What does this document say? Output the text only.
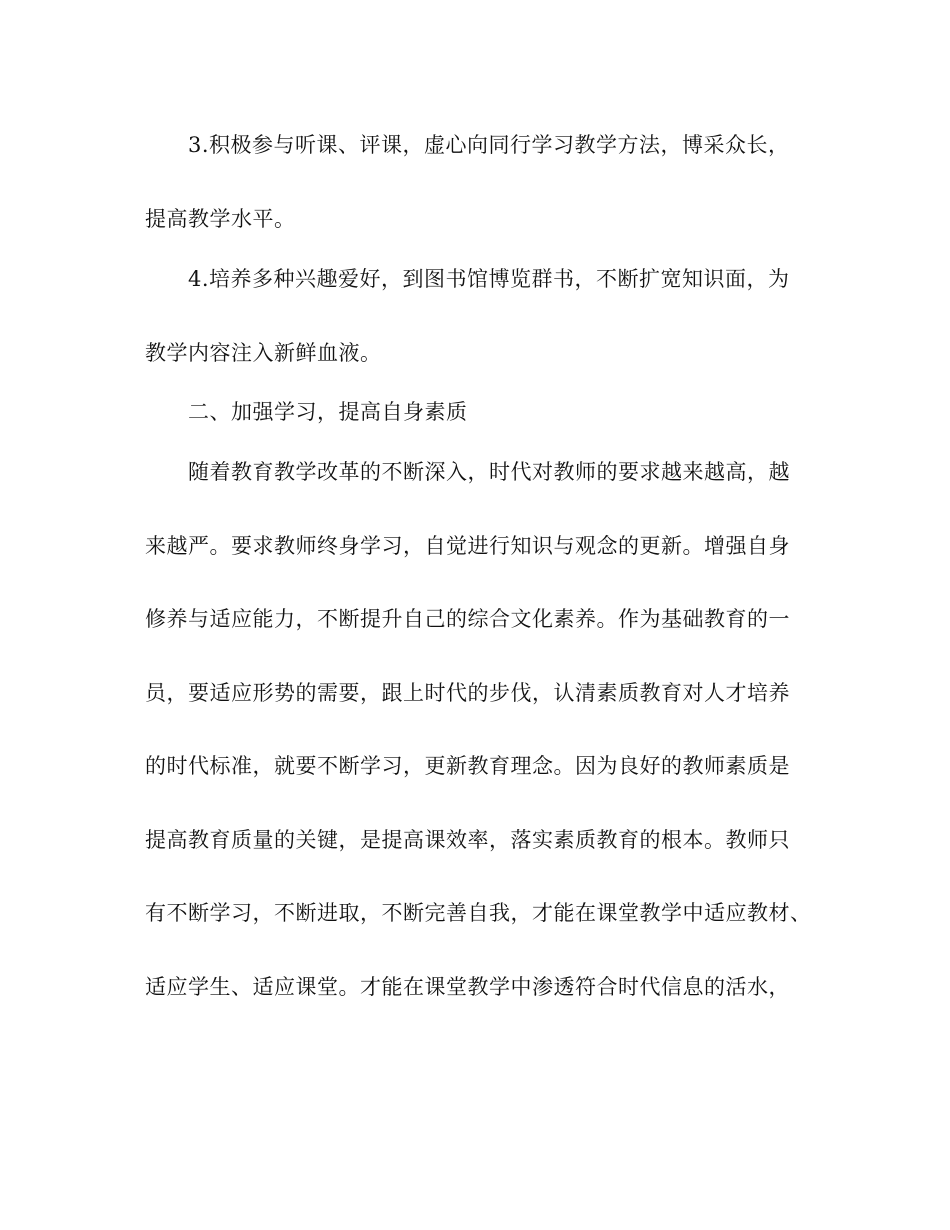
3.积极参与听课、评课，虚心向同行学习教学方法，博采众长，
提高教学水平。
4.培养多种兴趣爱好，到图书馆博览群书，不断扩宽知识面，为
教学内容注入新鲜血液。
二、加强学习，提高自身素质
随着教育教学改革的不断深入，时代对教师的要求越来越高，越
来越严。要求教师终身学习，自觉进行知识与观念的更新。增强自身
修养与适应能力，不断提升自己的综合文化素养。作为基础教育的一
员，要适应形势的需要，跟上时代的步伐，认清素质教育对人才培养
的时代标准，就要不断学习，更新教育理念。因为良好的教师素质是
提高教育质量的关键，是提高课效率，落实素质教育的根本。教师只
有不断学习，不断进取，不断完善自我，才能在课堂教学中适应教材、
适应学生、适应课堂。才能在课堂教学中渗透符合时代信息的活水，
